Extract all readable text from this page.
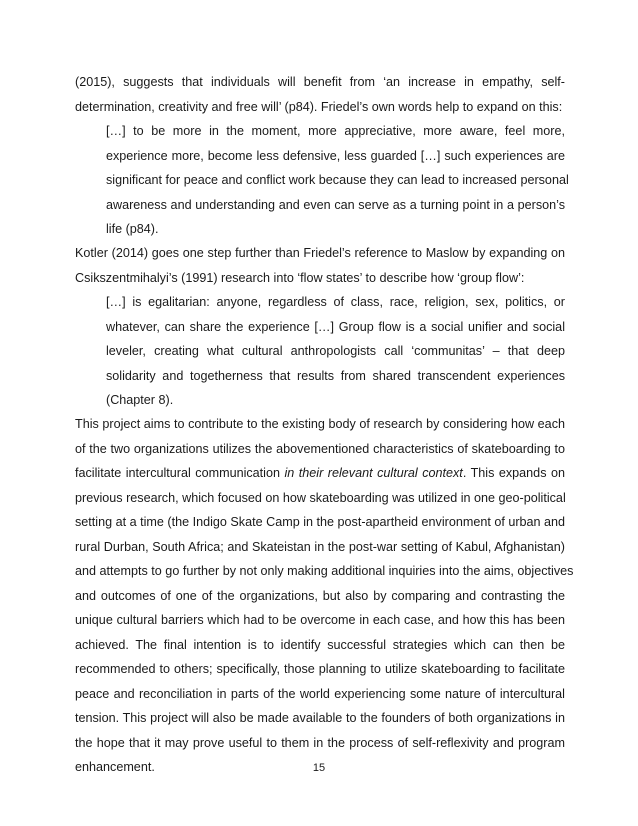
(2015), suggests that individuals will benefit from ‘an increase in empathy, self-
determination, creativity and free will’ (p84). Friedel’s own words help to expand on this:
[…] to be more in the moment, more appreciative, more aware, feel more,
experience more, become less defensive, less guarded […] such experiences are
significant for peace and conflict work because they can lead to increased personal
awareness and understanding and even can serve as a turning point in a person’s
life (p84).
Kotler (2014) goes one step further than Friedel’s reference to Maslow by expanding on
Csikszentmihalyi’s (1991) research into ‘flow states’ to describe how ‘group flow’:
[…] is egalitarian: anyone, regardless of class, race, religion, sex, politics, or
whatever, can share the experience […] Group flow is a social unifier and social
leveler, creating what cultural anthropologists call ‘communitas’ – that deep
solidarity and togetherness that results from shared transcendent experiences
(Chapter 8).
This project aims to contribute to the existing body of research by considering how each
of the two organizations utilizes the abovementioned characteristics of skateboarding to
facilitate intercultural communication in their relevant cultural context. This expands on
previous research, which focused on how skateboarding was utilized in one geo-political
setting at a time (the Indigo Skate Camp in the post-apartheid environment of urban and
rural Durban, South Africa; and Skateistan in the post-war setting of Kabul, Afghanistan)
and attempts to go further by not only making additional inquiries into the aims, objectives
and outcomes of one of the organizations, but also by comparing and contrasting the
unique cultural barriers which had to be overcome in each case, and how this has been
achieved. The final intention is to identify successful strategies which can then be
recommended to others; specifically, those planning to utilize skateboarding to facilitate
peace and reconciliation in parts of the world experiencing some nature of intercultural
tension. This project will also be made available to the founders of both organizations in
the hope that it may prove useful to them in the process of self-reflexivity and program
enhancement.	15
